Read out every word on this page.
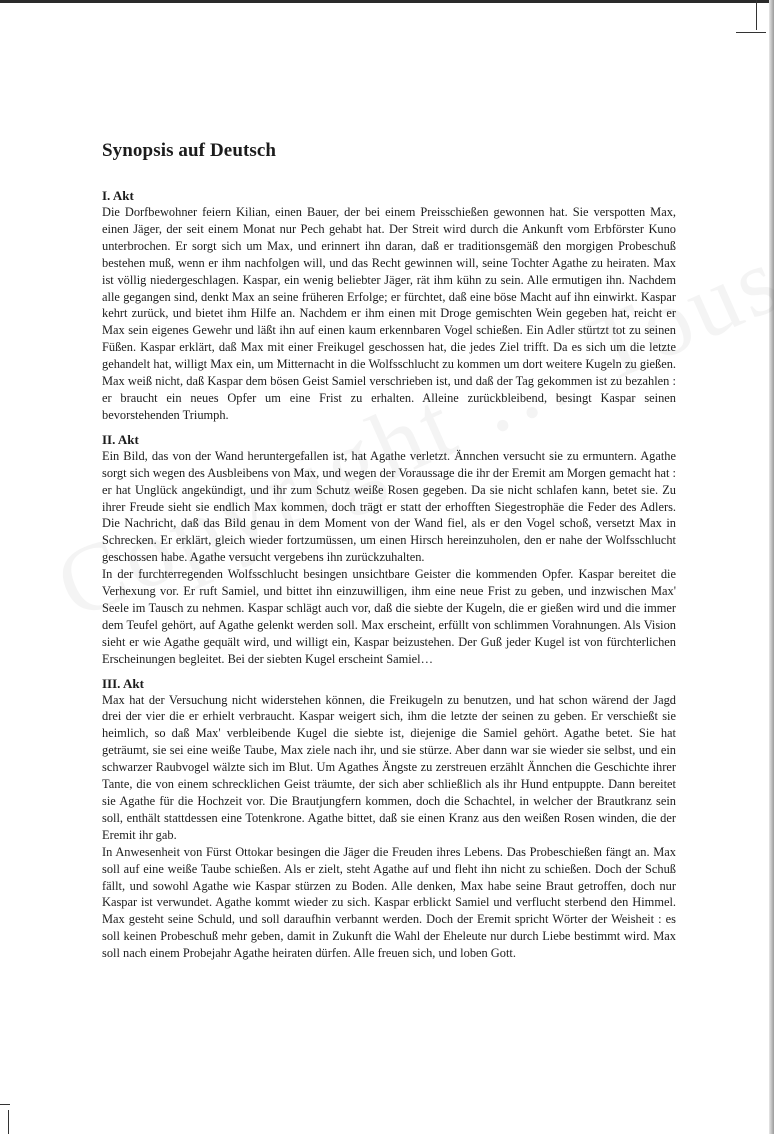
Synopsis auf Deutsch
I. Akt

Die Dorfbewohner feiern Kilian, einen Bauer, der bei einem Preisschießen gewonnen hat. Sie verspotten Max, einen Jäger, der seit einem Monat nur Pech gehabt hat. Der Streit wird durch die Ankunft vom Erbförster Kuno unterbrochen. Er sorgt sich um Max, und erinnert ihn daran, daß er traditionsgemäß den morgigen Probeschuß bestehen muß, wenn er ihm nachfolgen will, und das Recht gewinnen will, seine Tochter Agathe zu heiraten. Max ist völlig niedergeschlagen. Kaspar, ein wenig beliebter Jäger, rät ihm kühn zu sein. Alle ermutigen ihn. Nachdem alle gegangen sind, denkt Max an seine früheren Erfolge; er fürchtet, daß eine böse Macht auf ihn einwirkt. Kaspar kehrt zurück, und bietet ihm Hilfe an. Nachdem er ihm einen mit Droge gemischten Wein gegeben hat, reicht er Max sein eigenes Gewehr und läßt ihn auf einen kaum erkennbaren Vogel schießen. Ein Adler stürtzt tot zu seinen Füßen. Kaspar erklärt, daß Max mit einer Freikugel geschossen hat, die jedes Ziel trifft. Da es sich um die letzte gehandelt hat, willigt Max ein, um Mitternacht in die Wolfsschlucht zu kommen um dort weitere Kugeln zu gießen. Max weiß nicht, daß Kaspar dem bösen Geist Samiel verschrieben ist, und daß der Tag gekommen ist zu bezahlen : er braucht ein neues Opfer um eine Frist zu erhalten. Alleine zurückbleibend, besingt Kaspar seinen bevorstehenden Triumph.

II. Akt

Ein Bild, das von der Wand heruntergefallen ist, hat Agathe verletzt. Ännchen versucht sie zu ermuntern. Agathe sorgt sich wegen des Ausbleibens von Max, und wegen der Voraussage die ihr der Eremit am Morgen gemacht hat : er hat Unglück angekündigt, und ihr zum Schutz weiße Rosen gegeben. Da sie nicht schlafen kann, betet sie. Zu ihrer Freude sieht sie endlich Max kommen, doch trägt er statt der erhofften Siegestrophäe die Feder des Adlers. Die Nachricht, daß das Bild genau in dem Moment von der Wand fiel, als er den Vogel schoß, versetzt Max in Schrecken. Er erklärt, gleich wieder fortzumüssen, um einen Hirsch hereinzuholen, den er nahe der Wolfsschlucht geschossen habe. Agathe versucht vergebens ihn zurückzuhalten.

In der furchterregenden Wolfsschlucht besingen unsichtbare Geister die kommenden Opfer. Kaspar bereitet die Verhexung vor. Er ruft Samiel, und bittet ihn einzuwilligen, ihm eine neue Frist zu geben, und inzwischen Max' Seele im Tausch zu nehmen. Kaspar schlägt auch vor, daß die siebte der Kugeln, die er gießen wird und die immer dem Teufel gehört, auf Agathe gelenkt werden soll. Max erscheint, erfüllt von schlimmen Vorahnungen. Als Vision sieht er wie Agathe gequält wird, und willigt ein, Kaspar beizustehen. Der Guß jeder Kugel ist von fürchterlichen Erscheinungen begleitet. Bei der siebten Kugel erscheint Samiel…

III. Akt

Max hat der Versuchung nicht widerstehen können, die Freikugeln zu benutzen, und hat schon wärend der Jagd drei der vier die er erhielt verbraucht. Kaspar weigert sich, ihm die letzte der seinen zu geben. Er verschießt sie heimlich, so daß Max' verbleibende Kugel die siebte ist, diejenige die Samiel gehört. Agathe betet. Sie hat geträumt, sie sei eine weiße Taube, Max ziele nach ihr, und sie stürze. Aber dann war sie wieder sie selbst, und ein schwarzer Raubvogel wälzte sich im Blut. Um Agathes Ängste zu zerstreuen erzählt Ännchen die Geschichte ihrer Tante, die von einem schrecklichen Geist träumte, der sich aber schließlich als ihr Hund entpuppte. Dann bereitet sie Agathe für die Hochzeit vor. Die Brautjungfern kommen, doch die Schachtel, in welcher der Brautkranz sein soll, enthält stattdessen eine Totenkrone. Agathe bittet, daß sie einen Kranz aus den weißen Rosen winden, die der Eremit ihr gab.

In Anwesenheit von Fürst Ottokar besingen die Jäger die Freuden ihres Lebens. Das Probeschießen fängt an. Max soll auf eine weiße Taube schießen. Als er zielt, steht Agathe auf und fleht ihn nicht zu schießen. Doch der Schuß fällt, und sowohl Agathe wie Kaspar stürzen zu Boden. Alle denken, Max habe seine Braut getroffen, doch nur Kaspar ist verwundet. Agathe kommt wieder zu sich. Kaspar erblickt Samiel und verflucht sterbend den Himmel. Max gesteht seine Schuld, und soll daraufhin verbannt werden. Doch der Eremit spricht Wörter der Weisheit : es soll keinen Probeschuß mehr geben, damit in Zukunft die Wahl der Eheleute nur durch Liebe bestimmt wird. Max soll nach einem Probejahr Agathe heiraten dürfen. Alle freuen sich, und loben Gott.
